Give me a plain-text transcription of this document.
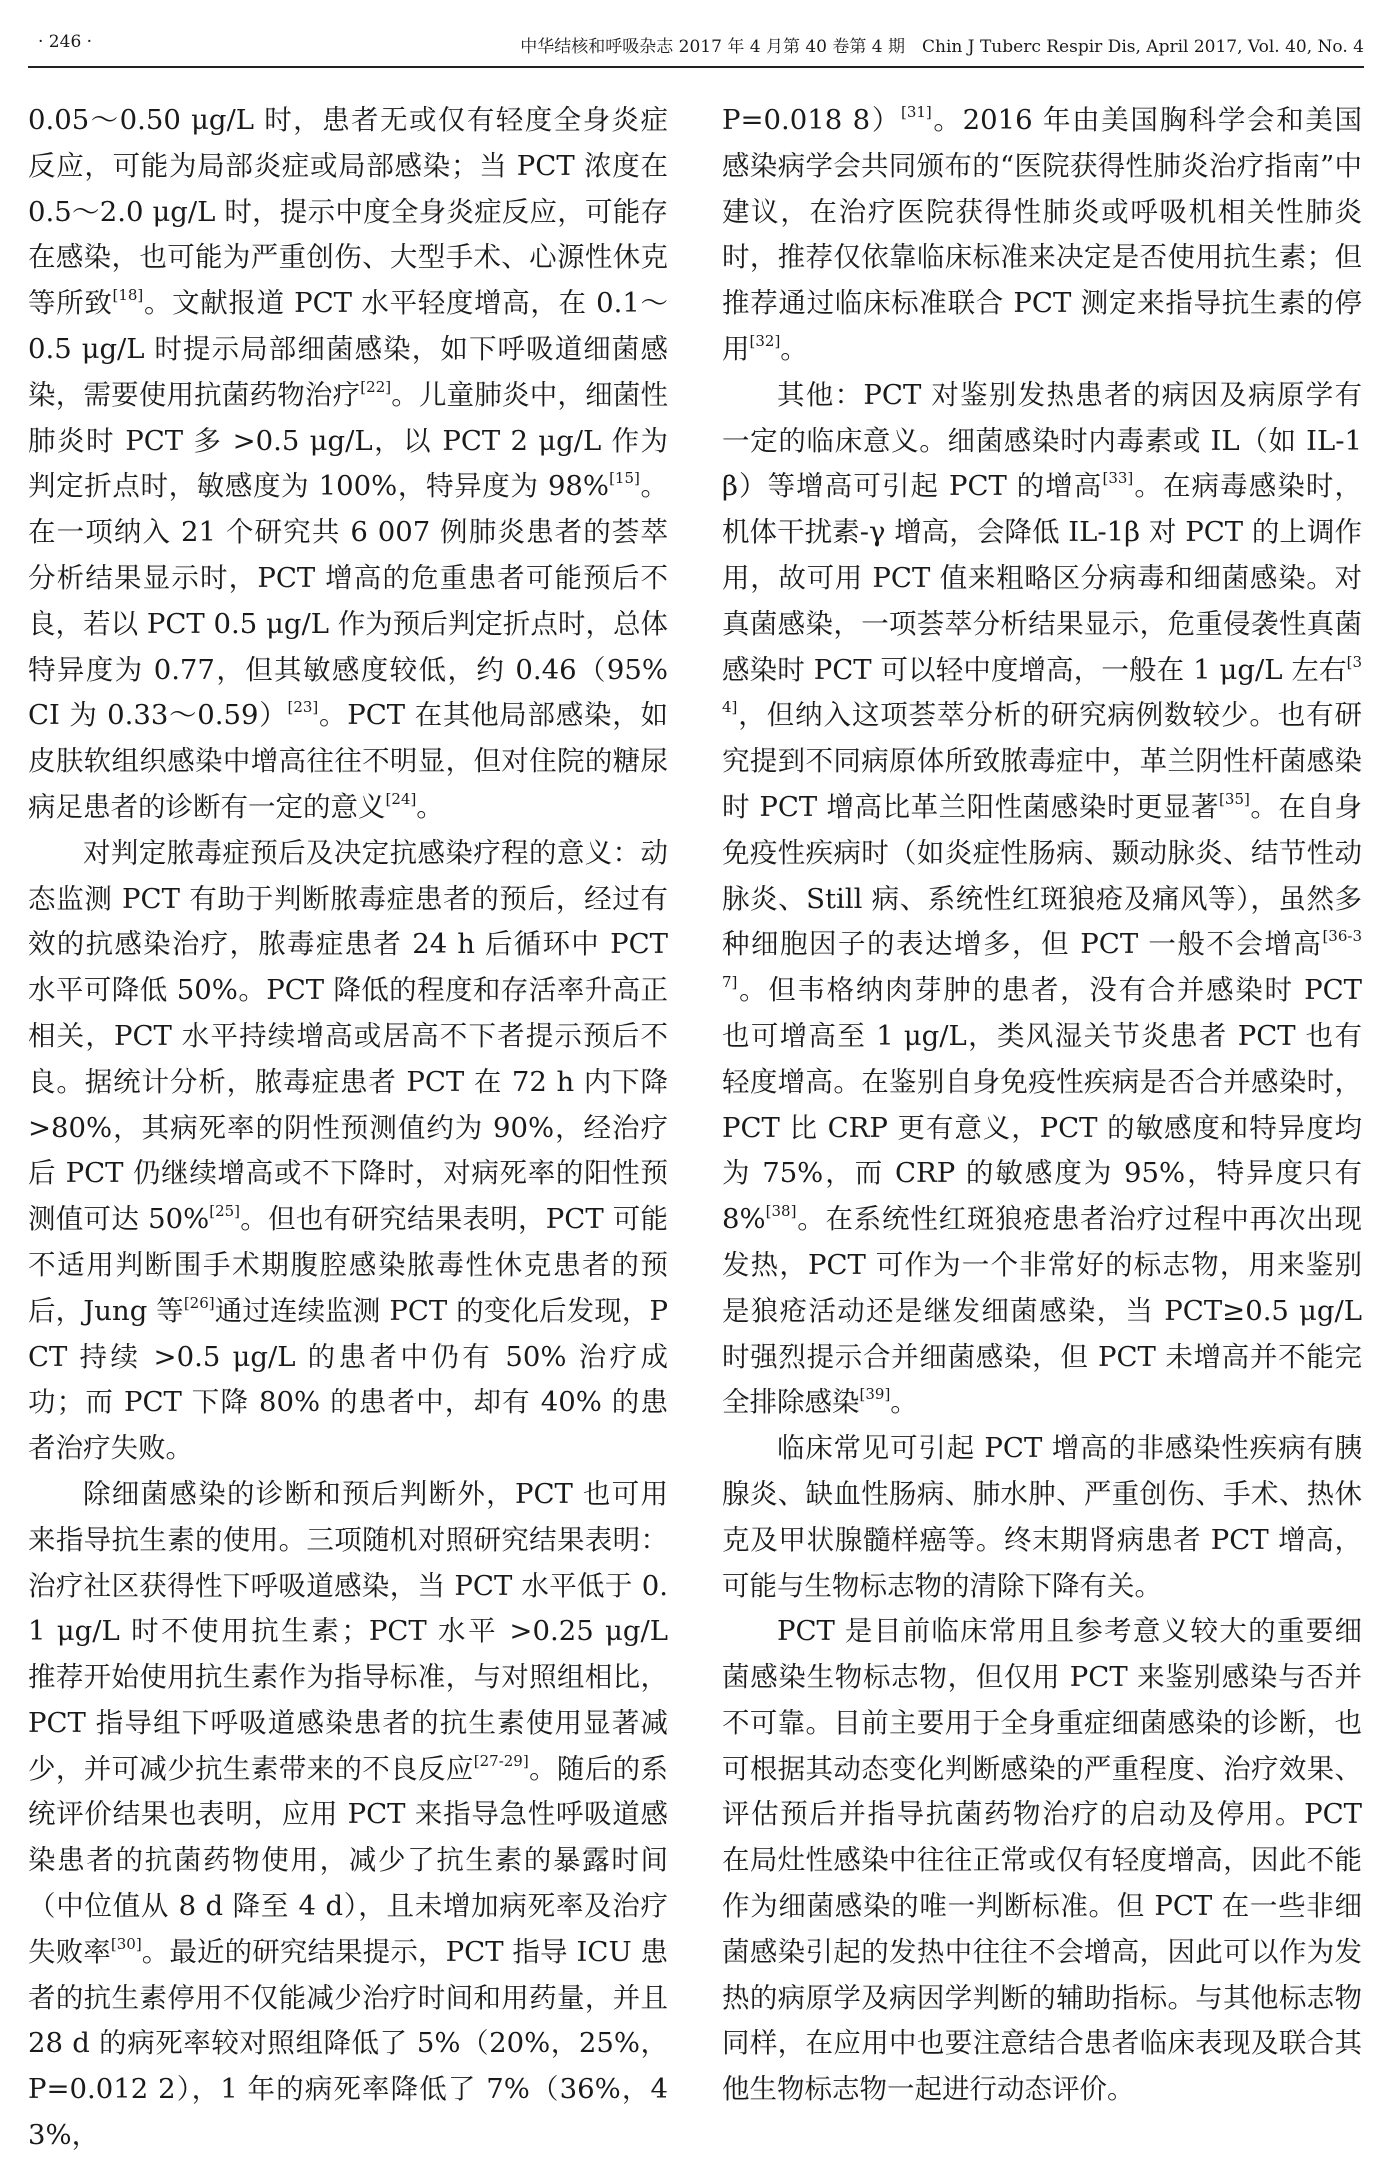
· 246 ·	中华结核和呼吸杂志 2017 年 4 月第 40 卷第 4 期　Chin J Tuberc Respir Dis, April 2017, Vol. 40, No. 4

0.05～0.50 μg/L 时，患者无或仅有轻度全身炎症反应，可能为局部炎症或局部感染；当 PCT 浓度在 0.5～2.0 μg/L 时，提示中度全身炎症反应，可能存在感染，也可能为严重创伤、大型手术、心源性休克等所致[18]。文献报道 PCT 水平轻度增高，在 0.1～0.5 μg/L 时提示局部细菌感染，如下呼吸道细菌感染，需要使用抗菌药物治疗[22]。儿童肺炎中，细菌性肺炎时 PCT 多 >0.5 μg/L，以 PCT 2 μg/L 作为判定折点时，敏感度为 100%，特异度为 98%[15]。在一项纳入 21 个研究共 6 007 例肺炎患者的荟萃分析结果显示时，PCT 增高的危重患者可能预后不良，若以 PCT 0.5 μg/L 作为预后判定折点时，总体特异度为 0.77，但其敏感度较低，约 0.46（95% CI 为 0.33～0.59）[23]。PCT 在其他局部感染，如皮肤软组织感染中增高往往不明显，但对住院的糖尿病足患者的诊断有一定的意义[24]。

对判定脓毒症预后及决定抗感染疗程的意义：动态监测 PCT 有助于判断脓毒症患者的预后，经过有效的抗感染治疗，脓毒症患者 24 h 后循环中 PCT 水平可降低 50%。PCT 降低的程度和存活率升高正相关，PCT 水平持续增高或居高不下者提示预后不良。据统计分析，脓毒症患者 PCT 在 72 h 内下降 >80%，其病死率的阴性预测值约为 90%，经治疗后 PCT 仍继续增高或不下降时，对病死率的阳性预测值可达 50%[25]。但也有研究结果表明，PCT 可能不适用判断围手术期腹腔感染脓毒性休克患者的预后，Jung 等[26]通过连续监测 PCT 的变化后发现，PCT 持续 >0.5 μg/L 的患者中仍有 50% 治疗成功；而 PCT 下降 80% 的患者中，却有 40% 的患者治疗失败。

除细菌感染的诊断和预后判断外，PCT 也可用来指导抗生素的使用。三项随机对照研究结果表明：治疗社区获得性下呼吸道感染，当 PCT 水平低于 0.1 μg/L 时不使用抗生素；PCT 水平 >0.25 μg/L 推荐开始使用抗生素作为指导标准，与对照组相比，PCT 指导组下呼吸道感染患者的抗生素使用显著减少，并可减少抗生素带来的不良反应[27-29]。随后的系统评价结果也表明，应用 PCT 来指导急性呼吸道感染患者的抗菌药物使用，减少了抗生素的暴露时间（中位值从 8 d 降至 4 d），且未增加病死率及治疗失败率[30]。最近的研究结果提示，PCT 指导 ICU 患者的抗生素停用不仅能减少治疗时间和用药量，并且 28 d 的病死率较对照组降低了 5%（20%，25%，P=0.012 2），1 年的病死率降低了 7%（36%，43%，

P=0.018 8）[31]。2016 年由美国胸科学会和美国感染病学会共同颁布的“医院获得性肺炎治疗指南”中建议，在治疗医院获得性肺炎或呼吸机相关性肺炎时，推荐仅依靠临床标准来决定是否使用抗生素；但推荐通过临床标准联合 PCT 测定来指导抗生素的停用[32]。

其他：PCT 对鉴别发热患者的病因及病原学有一定的临床意义。细菌感染时内毒素或 IL（如 IL-1β）等增高可引起 PCT 的增高[33]。在病毒感染时，机体干扰素-γ 增高，会降低 IL-1β 对 PCT 的上调作用，故可用 PCT 值来粗略区分病毒和细菌感染。对真菌感染，一项荟萃分析结果显示，危重侵袭性真菌感染时 PCT 可以轻中度增高，一般在 1 μg/L 左右[34]，但纳入这项荟萃分析的研究病例数较少。也有研究提到不同病原体所致脓毒症中，革兰阴性杆菌感染时 PCT 增高比革兰阳性菌感染时更显著[35]。在自身免疫性疾病时（如炎症性肠病、颞动脉炎、结节性动脉炎、Still 病、系统性红斑狼疮及痛风等），虽然多种细胞因子的表达增多，但 PCT 一般不会增高[36-37]。但韦格纳肉芽肿的患者，没有合并感染时 PCT 也可增高至 1 μg/L，类风湿关节炎患者 PCT 也有轻度增高。在鉴别自身免疫性疾病是否合并感染时，PCT 比 CRP 更有意义，PCT 的敏感度和特异度均为 75%，而 CRP 的敏感度为 95%，特异度只有 8%[38]。在系统性红斑狼疮患者治疗过程中再次出现发热，PCT 可作为一个非常好的标志物，用来鉴别是狼疮活动还是继发细菌感染，当 PCT≥0.5 μg/L 时强烈提示合并细菌感染，但 PCT 未增高并不能完全排除感染[39]。

临床常见可引起 PCT 增高的非感染性疾病有胰腺炎、缺血性肠病、肺水肿、严重创伤、手术、热休克及甲状腺髓样癌等。终末期肾病患者 PCT 增高，可能与生物标志物的清除下降有关。

PCT 是目前临床常用且参考意义较大的重要细菌感染生物标志物，但仅用 PCT 来鉴别感染与否并不可靠。目前主要用于全身重症细菌感染的诊断，也可根据其动态变化判断感染的严重程度、治疗效果、评估预后并指导抗菌药物治疗的启动及停用。PCT 在局灶性感染中往往正常或仅有轻度增高，因此不能作为细菌感染的唯一判断标准。但 PCT 在一些非细菌感染引起的发热中往往不会增高，因此可以作为发热的病原学及病因学判断的辅助指标。与其他标志物同样，在应用中也要注意结合患者临床表现及联合其他生物标志物一起进行动态评价。
